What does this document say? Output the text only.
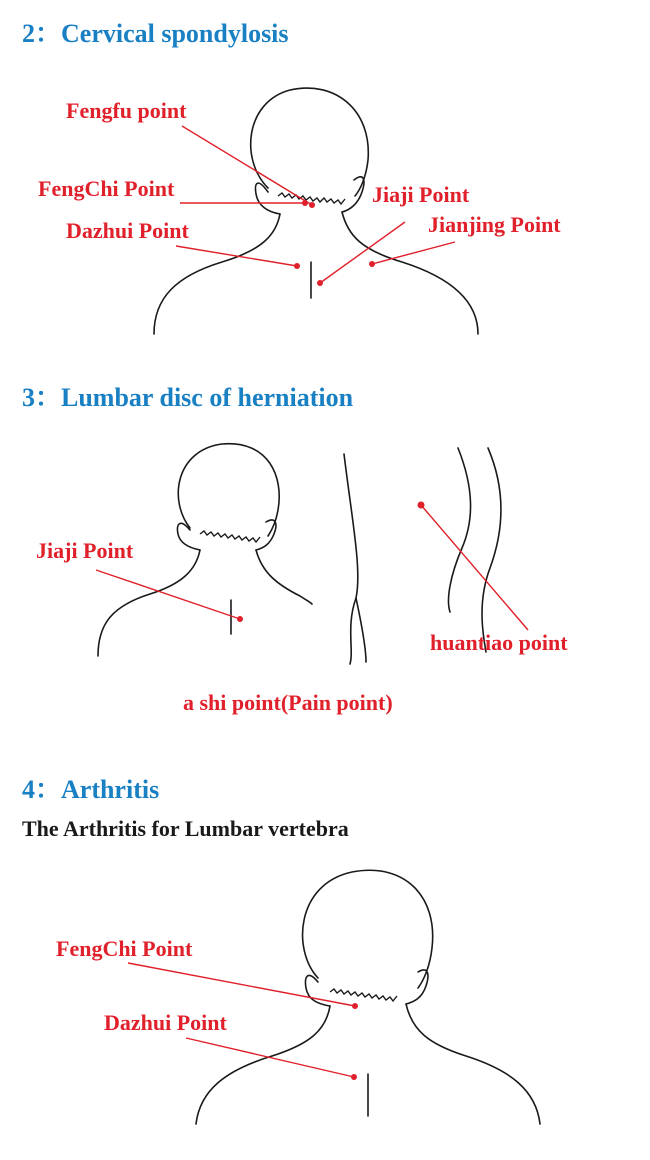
2：Cervical spondylosis
Fengfu point
FengChi Point
Dazhui Point
Jiaji Point
Jianjing Point
3：Lumbar disc of herniation
Jiaji Point
huantiao point
a shi point(Pain point)
4：Arthritis
The Arthritis for Lumbar vertebra
FengChi Point
Dazhui Point
